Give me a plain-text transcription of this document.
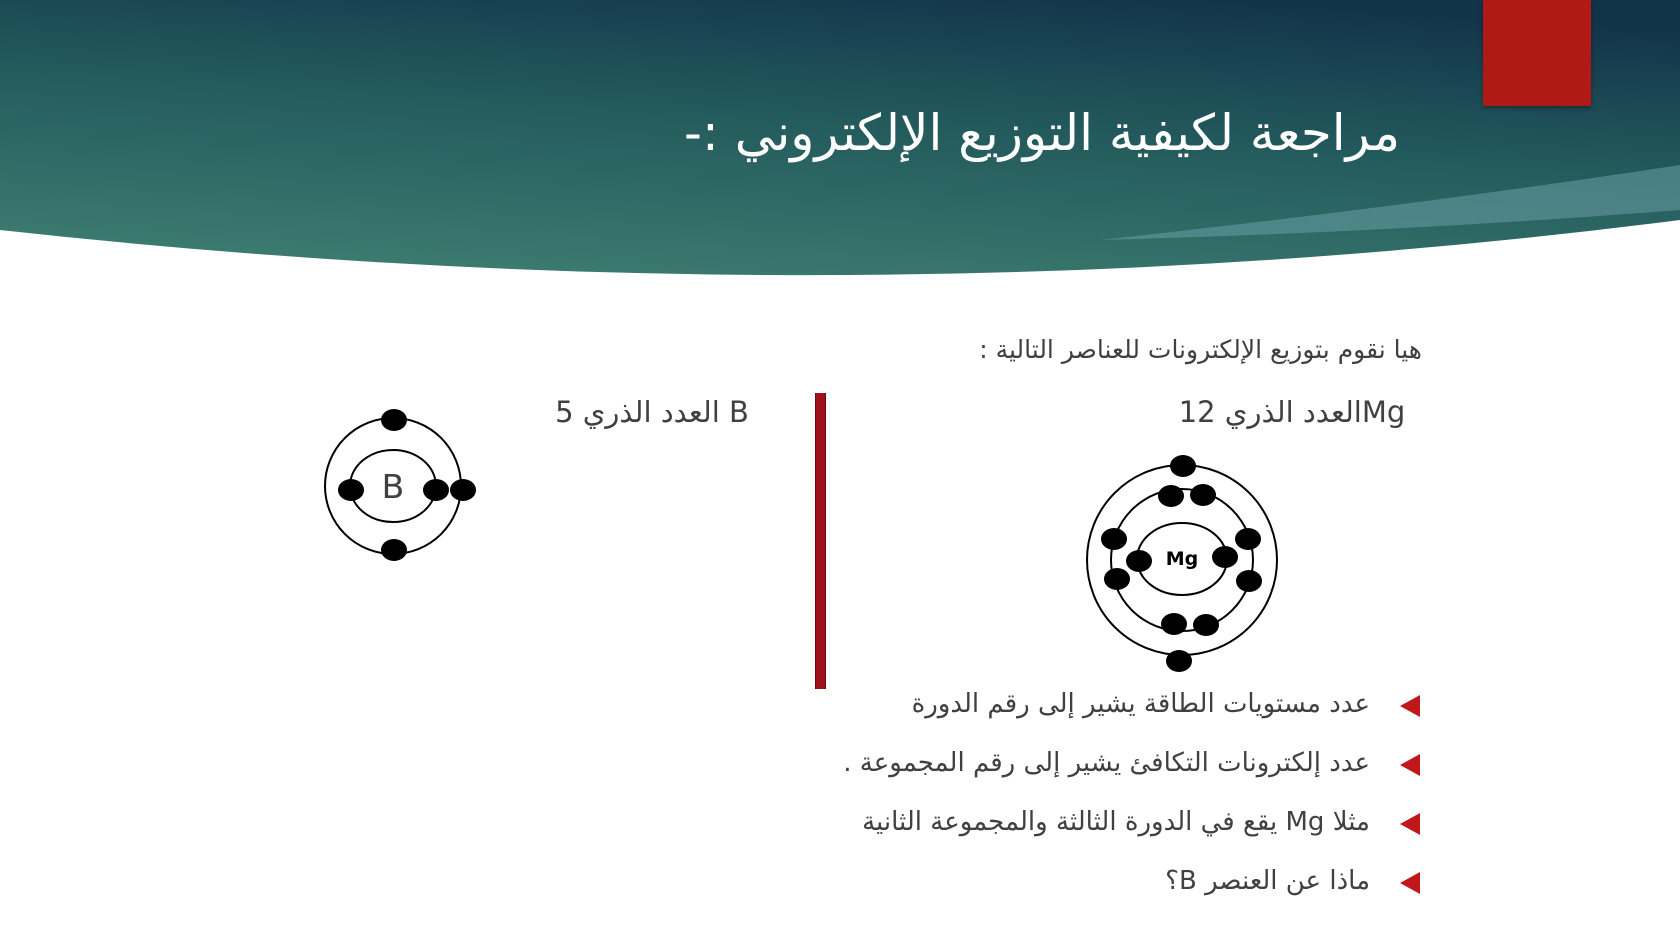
مراجعة لكيفية التوزيع الإلكتروني :-
هيا نقوم بتوزيع الإلكترونات للعناصر التالية :
Mgالعدد الذري 12
B العدد الذري 5
B
Mg
عدد مستويات الطاقة يشير إلى رقم الدورة
عدد إلكترونات التكافئ يشير إلى رقم المجموعة .
مثلا Mg يقع في الدورة الثالثة والمجموعة الثانية
ماذا عن العنصر B؟
